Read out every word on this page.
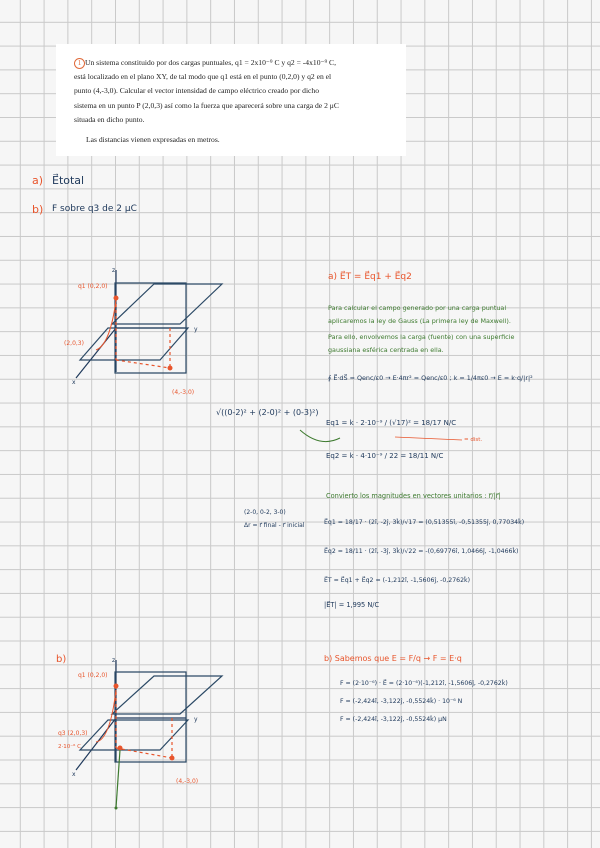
1 Un sistema constituido por dos cargas puntuales, q1 = 2x10⁻⁹ C y q2 = -4x10⁻⁹ C,

está localizado en el plano XY, de tal modo que q1 está en el punto (0,2,0) y q2 en el

punto (4,-3,0). Calcular el vector intensidad de campo eléctrico creado por dicho

sistema en un punto P (2,0,3) así como la fuerza que aparecerá sobre una carga de 2 μC

situada en dicho punto.

Las distancias vienen expresadas en metros.

a) E⃗total
b) F sobre q3 de 2 μC
z
y
x
q1 (0,2,0)
(2,0,3)
(4,-3,0)
a) E⃗T = E⃗q1 + E⃗q2
Para calcular el campo generado por una carga puntual
aplicaremos la ley de Gauss (La primera ley de Maxwell).
Para ello, envolvemos la carga (fuente) con una superficie
gaussiana esférica centrada en ella.
∮ E⃗·dS⃗ = Qenc/ε0 → E·4πr² = Qenc/ε0 ; k = 1/4πε0 → E = k·q/|r|²
√((0-2)² + (2-0)² + (0-3)²)
Eq1 = k · 2·10⁻⁹ / (√17)² = 18/17 N/C
= dist.
Eq2 = k · 4·10⁻⁹ / 22 = 18/11 N/C
Convierto los magnitudes en vectores unitarios : r⃗/|r⃗|
(2-0, 0-2, 3-0)
Δr = r⃗ final - r⃗ inicial	E⃗q1 = 18/17 · (2î, -2ĵ, 3k̂)/√17 = (0,51355î, -0,51355ĵ, 0,77034k̂)
E⃗q2 = 18/11 · (2î, -3ĵ, 3k̂)/√22 = -(0,69776î, 1,0466ĵ, -1,0466k̂)
E⃗T = E⃗q1 + E⃗q2 = (-1,212î, -1,5606ĵ, -0,2762k̂)
|E⃗T| = 1,995 N/C
b)	z
y
x
q1 (0,2,0)
q3 (2,0,3)
2·10⁻⁶ C
(4,-3,0)
b) Sabemos que E = F/q → F = E·q
F = (2·10⁻⁶) · E⃗ = (2·10⁻⁶)(-1,212î, -1,5606ĵ, -0,2762k̂)
F = (-2,424î, -3,122ĵ, -0,5524k̂) · 10⁻⁶ N
F = (-2,424î, -3,122ĵ, -0,5524k̂) μN
